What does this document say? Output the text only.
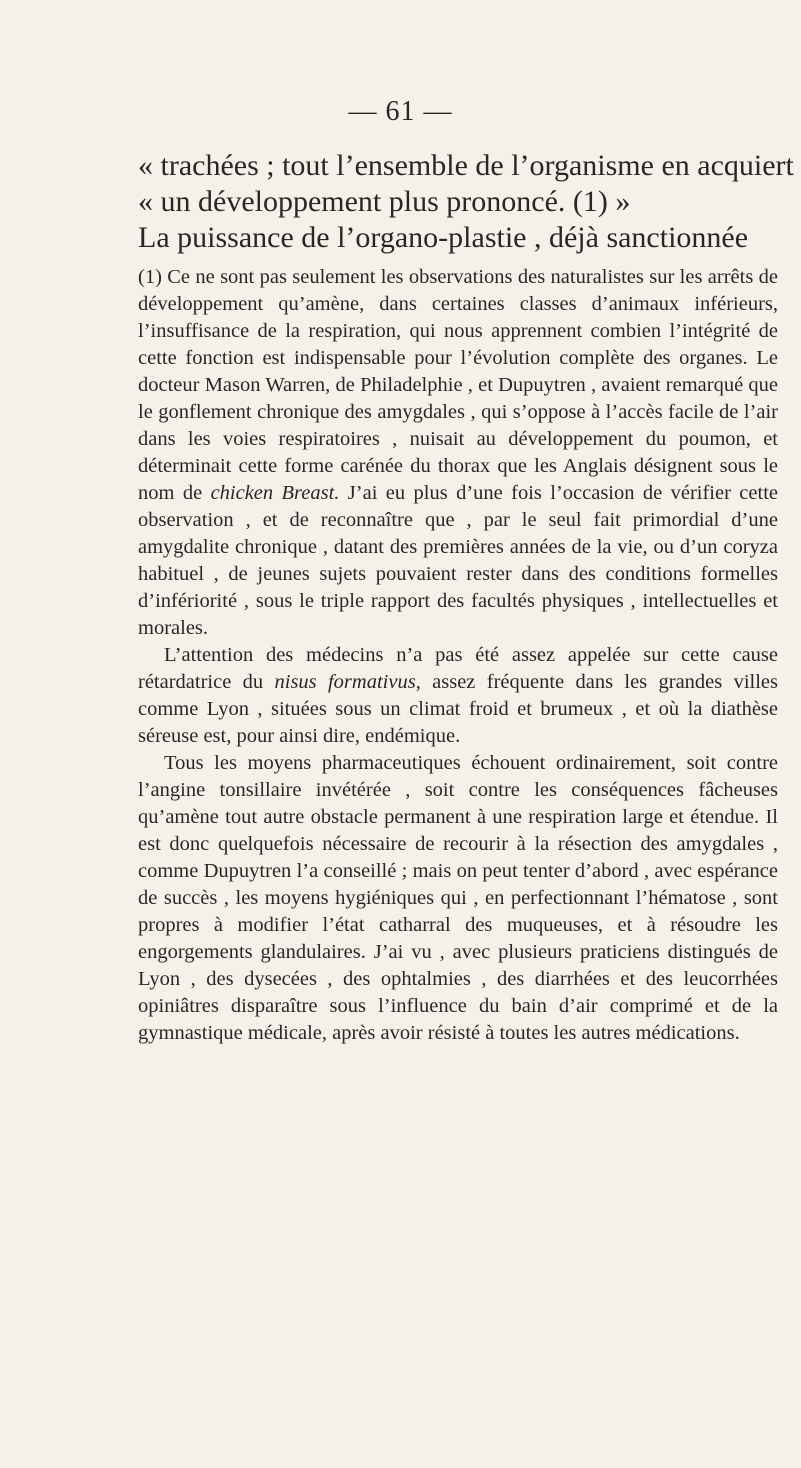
— 61 —
« trachées ; tout l’ensemble de l’organisme en acquiert
« un développement plus prononcé. (1) »
La puissance de l’organo-plastie , déjà sanctionnée

(1) Ce ne sont pas seulement les observations des naturalistes sur les arrêts de développement qu’amène, dans certaines classes d’animaux inférieurs, l’insuffisance de la respiration, qui nous apprennent combien l’intégrité de cette fonction est indispensable pour l’évolution complète des organes. Le docteur Mason Warren, de Philadelphie , et Dupuytren , avaient remarqué que le gonflement chronique des amygdales , qui s’oppose à l’accès facile de l’air dans les voies respiratoires , nuisait au développement du poumon, et déterminait cette forme carénée du thorax que les Anglais désignent sous le nom de chicken Breast. J’ai eu plus d’une fois l’occasion de vérifier cette observation , et de reconnaître que , par le seul fait primordial d’une amygdalite chronique , datant des premières années de la vie, ou d’un coryza habituel , de jeunes sujets pouvaient rester dans des conditions formelles d’infériorité , sous le triple rapport des facultés physiques , intellectuelles et morales.

L’attention des médecins n’a pas été assez appelée sur cette cause rétardatrice du nisus formativus, assez fréquente dans les grandes villes comme Lyon , situées sous un climat froid et brumeux , et où la diathèse séreuse est, pour ainsi dire, endémique.

Tous les moyens pharmaceutiques échouent ordinairement, soit contre l’angine tonsillaire invétérée , soit contre les conséquences fâcheuses qu’amène tout autre obstacle permanent à une respiration large et étendue. Il est donc quelquefois nécessaire de recourir à la résection des amygdales , comme Dupuytren l’a conseillé ; mais on peut tenter d’abord , avec espérance de succès , les moyens hygiéniques qui , en perfectionnant l’hématose , sont propres à modifier l’état catharral des muqueuses, et à résoudre les engorgements glandulaires. J’ai vu , avec plusieurs praticiens distingués de Lyon , des dysecées , des ophtalmies , des diarrhées et des leucorrhées opiniâtres disparaître sous l’influence du bain d’air comprimé et de la gymnastique médicale, après avoir résisté à toutes les autres médications.
